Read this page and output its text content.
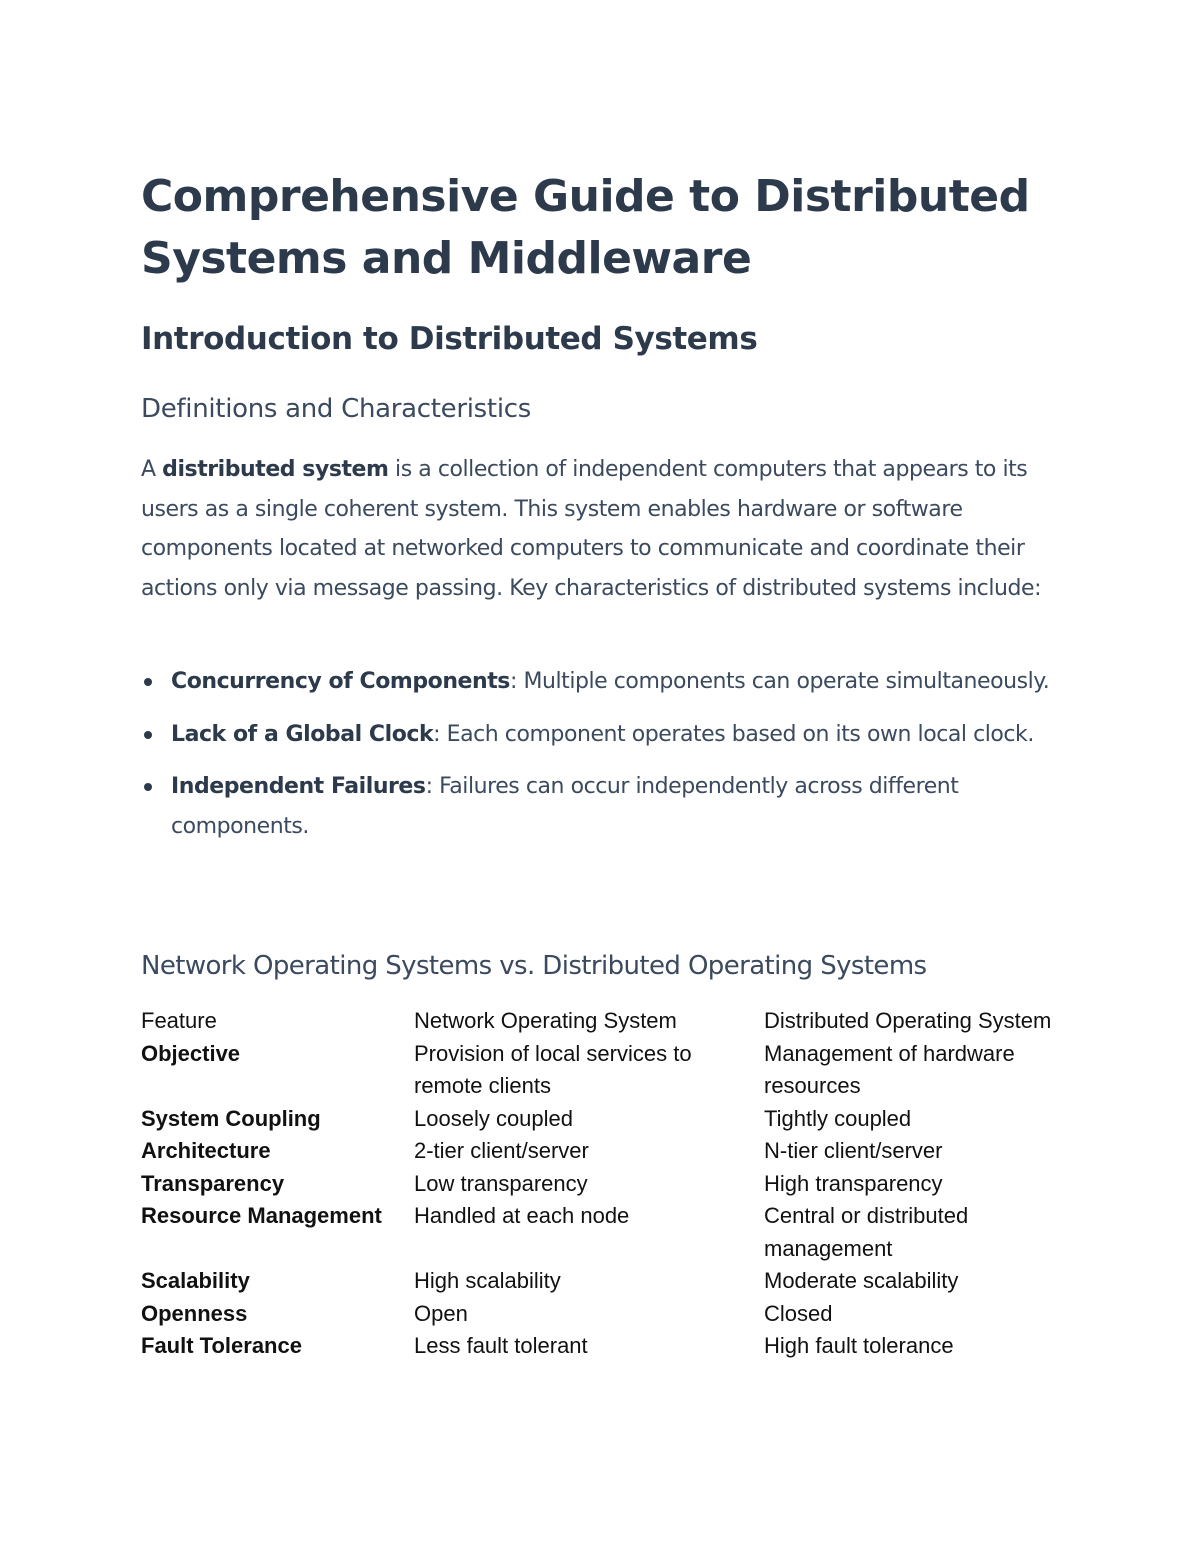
Comprehensive Guide to Distributed Systems and Middleware
Introduction to Distributed Systems
Definitions and Characteristics

A distributed system is a collection of independent computers that appears to its users as a single coherent system. This system enables hardware or software components located at networked computers to communicate and coordinate their actions only via message passing. Key characteristics of distributed systems include:

Concurrency of Components: Multiple components can operate simultaneously.
Lack of a Global Clock: Each component operates based on its own local clock.
Independent Failures: Failures can occur independently across different components.
Network Operating Systems vs. Distributed Operating Systems
Feature	Network Operating System	Distributed Operating System
Objective	Provision of local services to remote clients	Management of hardware resources
System Coupling	Loosely coupled	Tightly coupled
Architecture	2-tier client/server	N-tier client/server
Transparency	Low transparency	High transparency
Resource Management	Handled at each node	Central or distributed management
Scalability	High scalability	Moderate scalability
Openness	Open	Closed
Fault Tolerance	Less fault tolerant	High fault tolerance
